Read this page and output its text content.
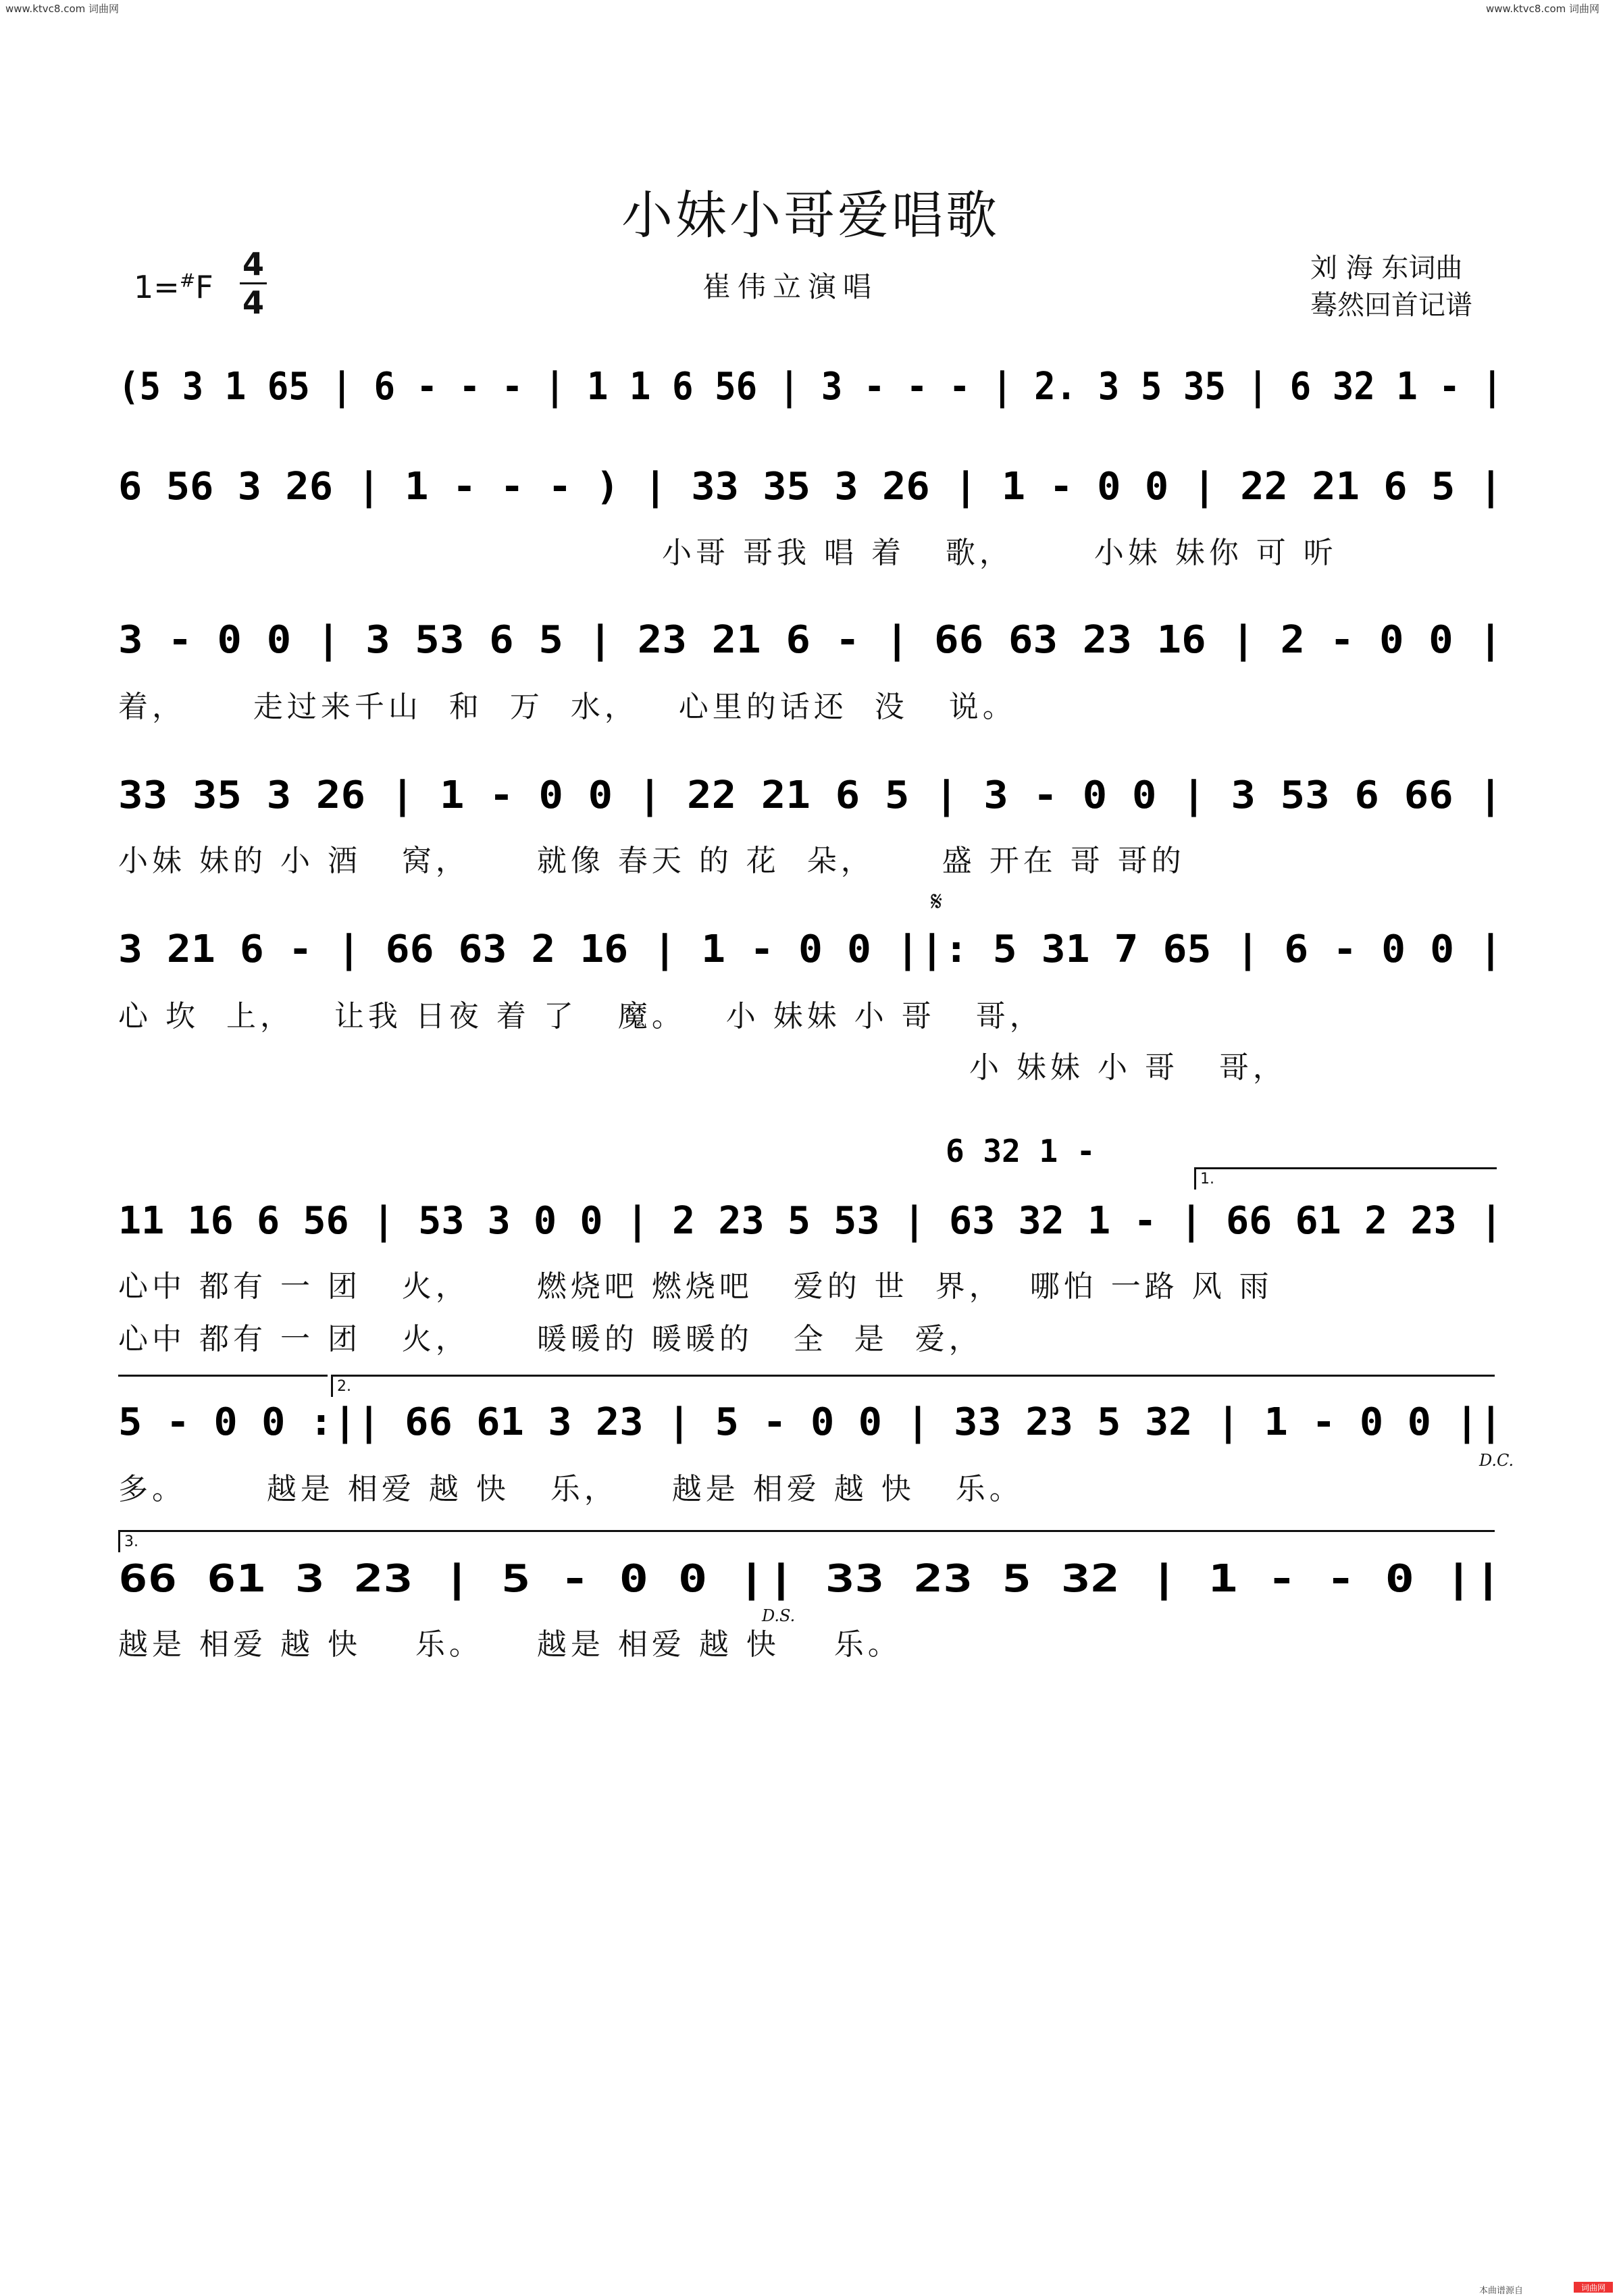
www.ktvc8.com 词曲网	www.ktvc8.com 词曲网
小妹小哥爱唱歌
1=#F
4
4	崔伟立演唱
刘 海 东词曲
蓦然回首记谱
(5 3 1 65 | 6 - - - | 1 1 6 56 | 3 - - - | 2. 3 5 35 | 6 32 1 - |
6 56 3 26 | 1 - - - ) | 33 35 3 26 | 1 - 0 0 | 22 21 6 5 |
小哥 哥我 唱 着   歌，      小妹 妹你 可 听
3 - 0 0 | 3 53 6 5 | 23 21 6 - | 66 63 23 16 | 2 - 0 0 |
着，     走过来千山  和  万  水，   心里的话还  没   说。
33 35 3 26 | 1 - 0 0 | 22 21 6 5 | 3 - 0 0 | 3 53 6 66 |
小妹 妹的 小 酒   窝，     就像 春天 的 花  朵，     盛 开在 哥 哥的
𝄋
3 21 6 - | 66 63 2 16 | 1 - 0 0 ||: 5 31 7 65 | 6 - 0 0 |
心 坎  上，   让我 日夜 着 了   魔。   小 妹妹 小 哥   哥，
小 妹妹 小 哥   哥，
6 32 1 -
1.
11 16 6 56 | 53 3 0 0 | 2 23 5 53 | 63 32 1 - | 66 61 2 23 |
心中 都有 一 团   火，     燃烧吧 燃烧吧   爱的 世  界，  哪怕 一路 风 雨
心中 都有 一 团   火，     暖暖的 暖暖的   全  是  爱，
2.
5 - 0 0 :|| 66 61 3 23 | 5 - 0 0 | 33 23 5 32 | 1 - 0 0 ||
D.C.
多。      越是 相爱 越 快   乐，    越是 相爱 越 快   乐。
3.
66 61 3 23 | 5 - 0 0 || 33 23 5 32 | 1 - - 0 ||
D.S.
越是 相爱 越 快    乐。    越是 相爱 越 快    乐。
本曲谱源自	词曲网
